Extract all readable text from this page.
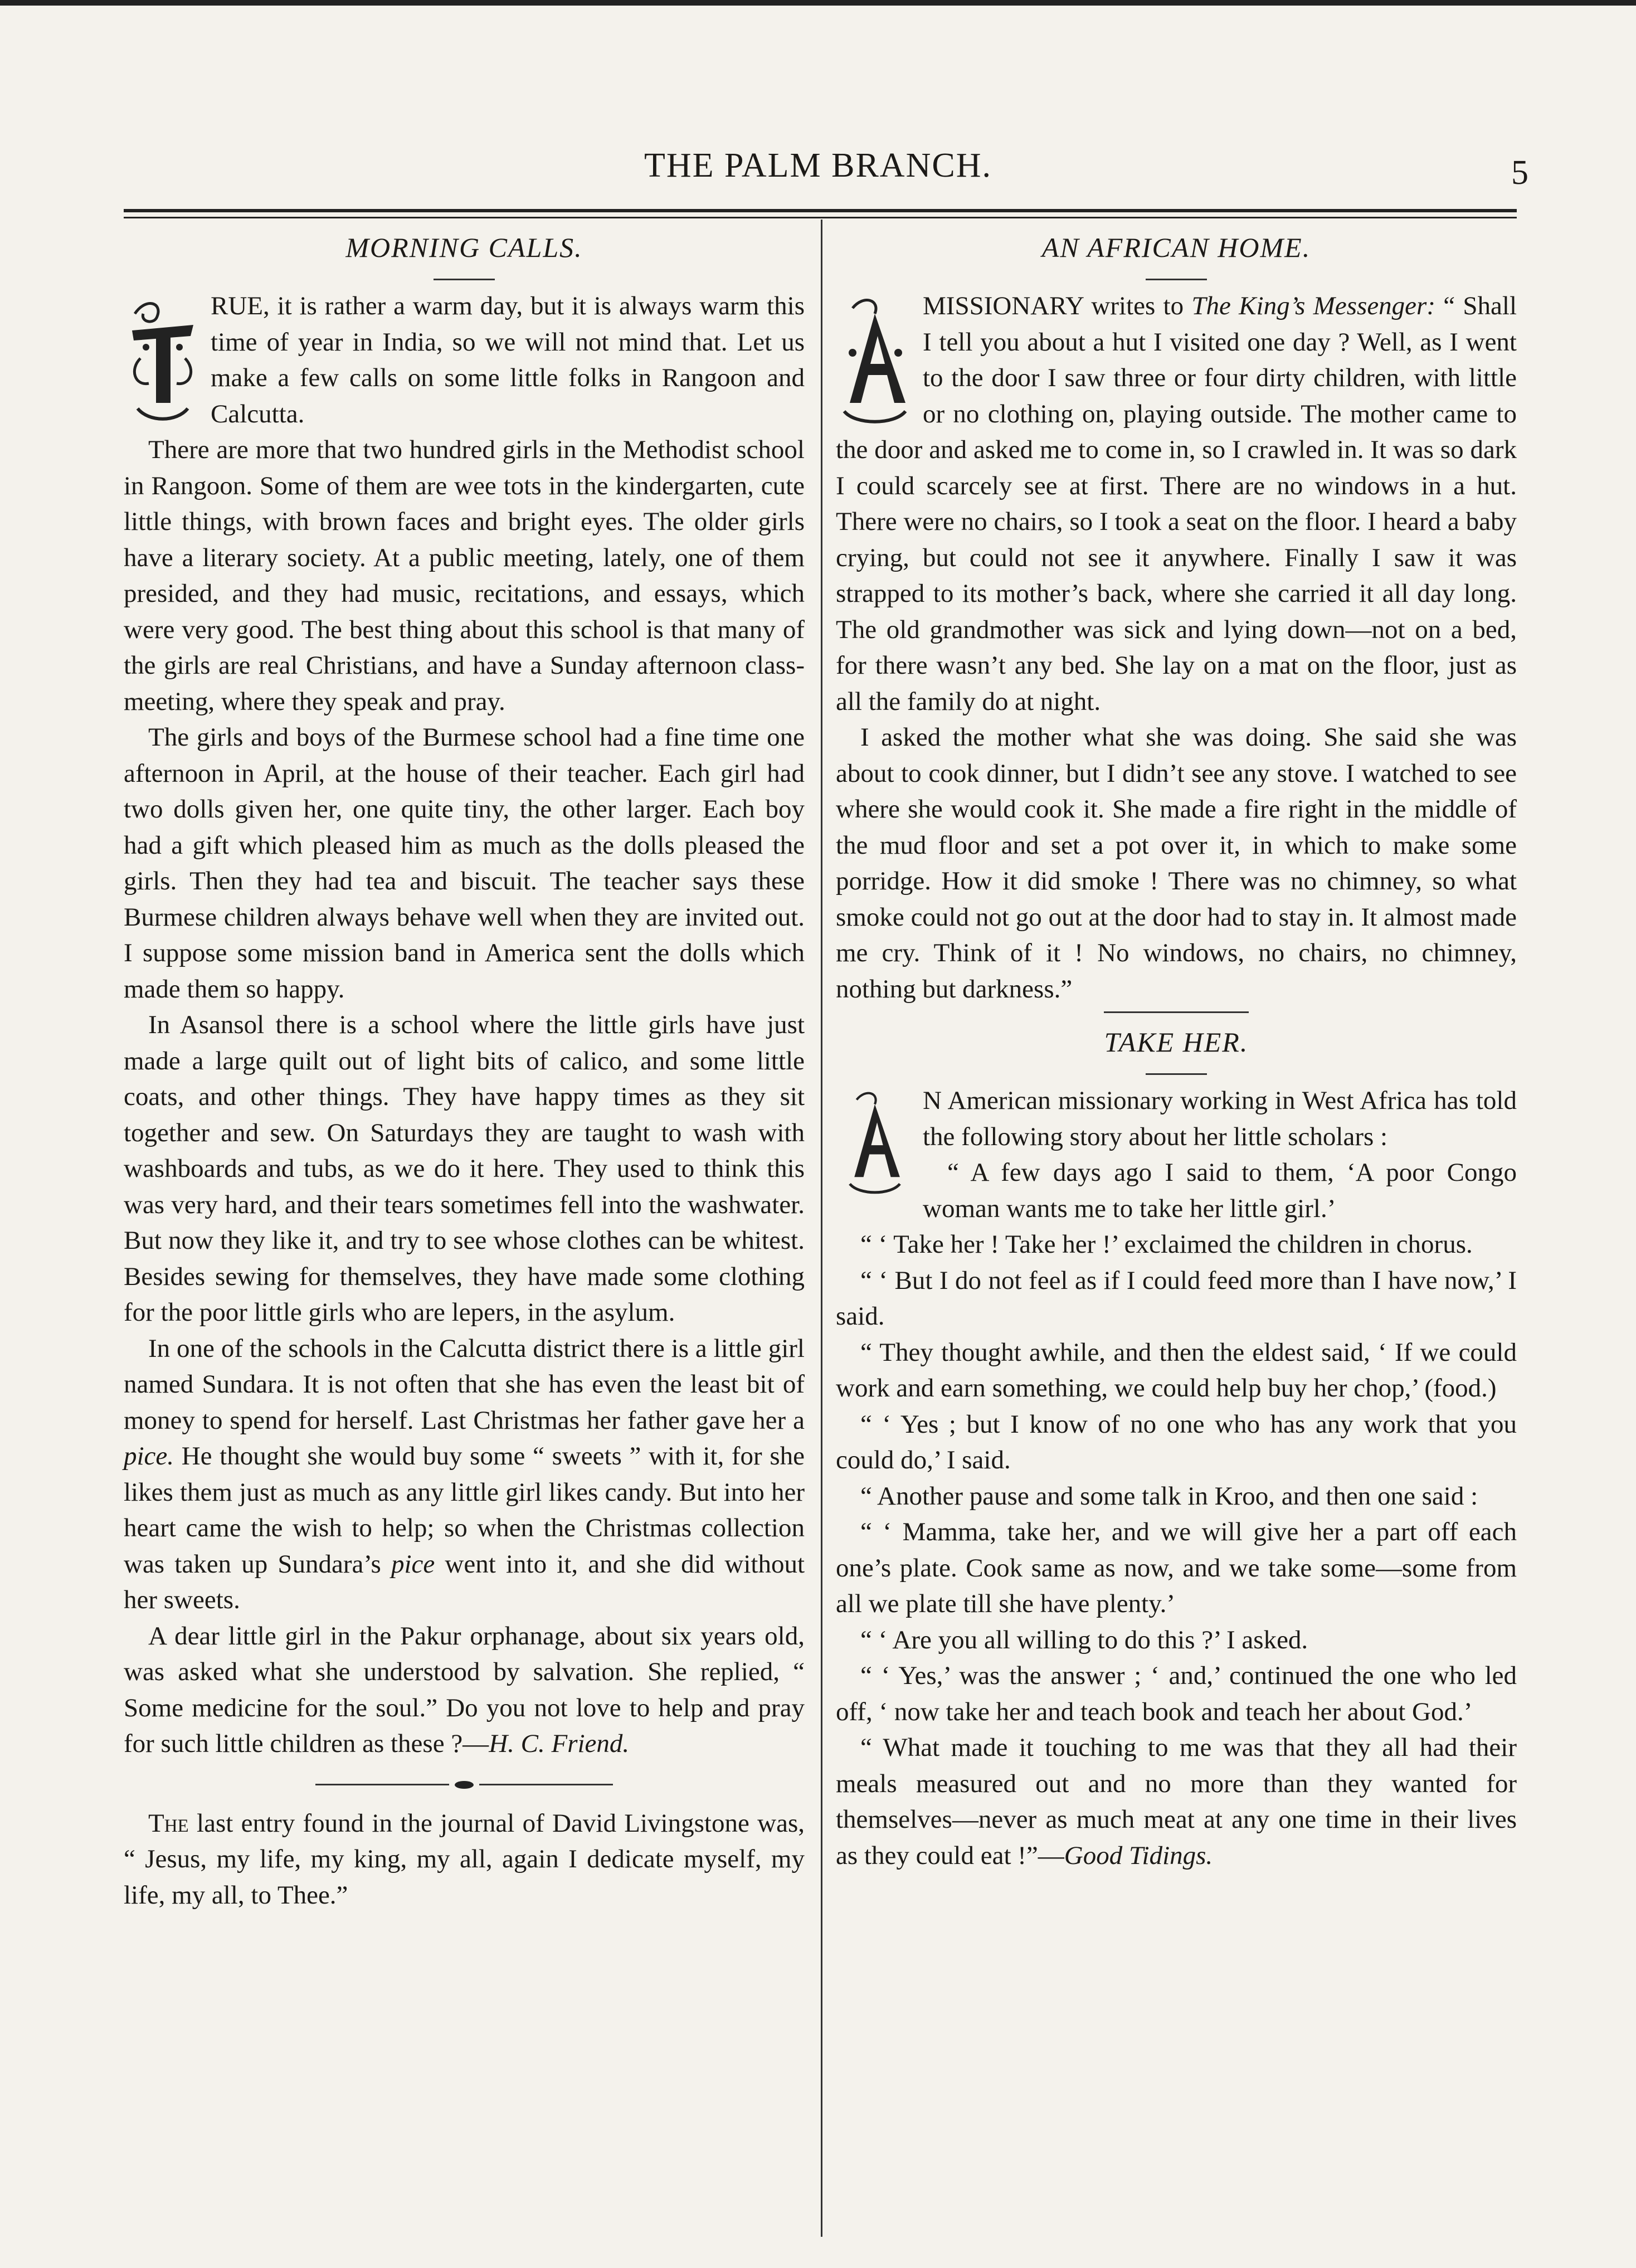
THE PALM BRANCH.	5
MORNING CALLS.

RUE, it is rather a warm day, but it is always warm this time of year in India, so we will not mind that. Let us make a few calls on some little folks in Rangoon and Calcutta.

There are more that two hundred girls in the Methodist school in Rangoon. Some of them are wee tots in the kindergarten, cute little things, with brown faces and bright eyes. The older girls have a literary society. At a public meeting, lately, one of them presided, and they had music, recitations, and essays, which were very good. The best thing about this school is that many of the girls are real Christians, and have a Sunday afternoon class-meeting, where they speak and pray.

The girls and boys of the Burmese school had a fine time one afternoon in April, at the house of their teacher. Each girl had two dolls given her, one quite tiny, the other larger. Each boy had a gift which pleased him as much as the dolls pleased the girls. Then they had tea and biscuit. The teacher says these Burmese children always behave well when they are invited out. I suppose some mission band in America sent the dolls which made them so happy.

In Asansol there is a school where the little girls have just made a large quilt out of light bits of calico, and some little coats, and other things. They have happy times as they sit together and sew. On Saturdays they are taught to wash with washboards and tubs, as we do it here. They used to think this was very hard, and their tears sometimes fell into the washwater. But now they like it, and try to see whose clothes can be whitest. Besides sewing for themselves, they have made some clothing for the poor little girls who are lepers, in the asylum.

In one of the schools in the Calcutta district there is a little girl named Sundara. It is not often that she has even the least bit of money to spend for herself. Last Christmas her father gave her a pice. He thought she would buy some “ sweets ” with it, for she likes them just as much as any little girl likes candy. But into her heart came the wish to help; so when the Christmas collection was taken up Sundara’s pice went into it, and she did without her sweets.

A dear little girl in the Pakur orphanage, about six years old, was asked what she understood by salvation. She replied, “ Some medicine for the soul.” Do you not love to help and pray for such little children as these ?—H. C. Friend.

The last entry found in the journal of David Livingstone was, “ Jesus, my life, my king, my all, again I dedicate myself, my life, my all, to Thee.”

AN AFRICAN HOME.

MISSIONARY writes to The King’s Messenger: “ Shall I tell you about a hut I visited one day ? Well, as I went to the door I saw three or four dirty children, with little or no clothing on, playing outside. The mother came to the door and asked me to come in, so I crawled in. It was so dark I could scarcely see at first. There are no windows in a hut. There were no chairs, so I took a seat on the floor. I heard a baby crying, but could not see it anywhere. Finally I saw it was strapped to its mother’s back, where she carried it all day long. The old grandmother was sick and lying down—not on a bed, for there wasn’t any bed. She lay on a mat on the floor, just as all the family do at night.

I asked the mother what she was doing. She said she was about to cook dinner, but I didn’t see any stove. I watched to see where she would cook it. She made a fire right in the middle of the mud floor and set a pot over it, in which to make some porridge. How it did smoke ! There was no chimney, so what smoke could not go out at the door had to stay in. It almost made me cry. Think of it ! No windows, no chairs, no chimney, nothing but darkness.”

TAKE HER.

N American missionary working in West Africa has told the following story about her little scholars :

“ A few days ago I said to them, ‘A poor Congo woman wants me to take her little girl.’

“ ‘ Take her ! Take her !’ exclaimed the children in chorus.

“ ‘ But I do not feel as if I could feed more than I have now,’ I said.

“ They thought awhile, and then the eldest said, ‘ If we could work and earn something, we could help buy her chop,’ (food.)

“ ‘ Yes ; but I know of no one who has any work that you could do,’ I said.

“ Another pause and some talk in Kroo, and then one said :

“ ‘ Mamma, take her, and we will give her a part off each one’s plate. Cook same as now, and we take some—some from all we plate till she have plenty.’

“ ‘ Are you all willing to do this ?’ I asked.

“ ‘ Yes,’ was the answer ; ‘ and,’ continued the one who led off, ‘ now take her and teach book and teach her about God.’

“ What made it touching to me was that they all had their meals measured out and no more than they wanted for themselves—never as much meat at any one time in their lives as they could eat !”—Good Tidings.
